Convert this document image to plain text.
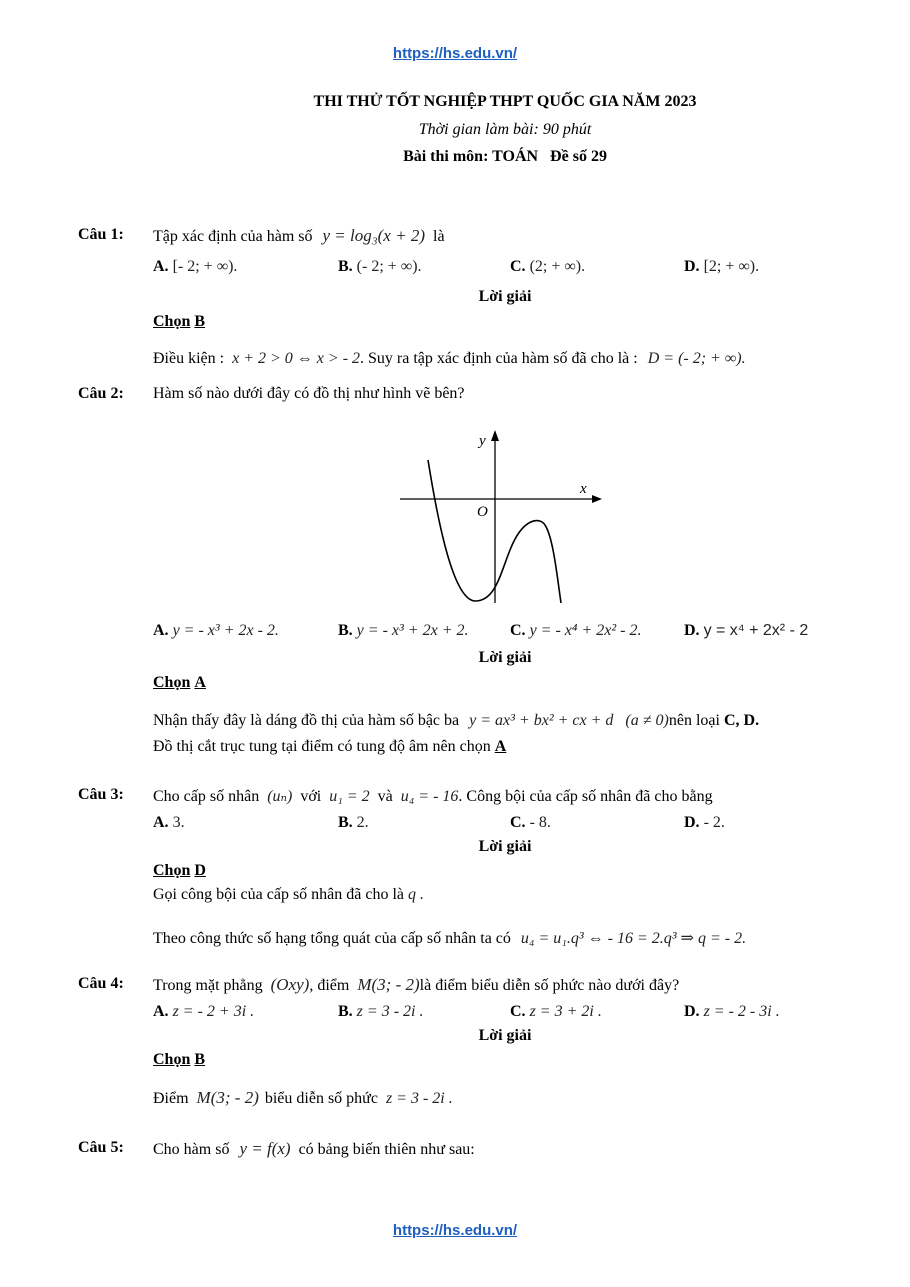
https://hs.edu.vn/
https://hs.edu.vn/
THI THỬ TỐT NGHIỆP THPT QUỐC GIA NĂM 2023
Thời gian làm bài: 90 phút
Bài thi môn: TOÁN   Đề số 29
Câu 1: Tập xác định của hàm số y = log₃(x + 2) là
A. [- 2; + ∞).	B. (- 2; + ∞).	C. (2; + ∞).	D. [2; + ∞).
Lời giải
Chọn B
Điều kiện : x + 2 > 0 ⇔ x > - 2. Suy ra tập xác định của hàm số đã cho là : D = (- 2; + ∞).
Câu 2: Hàm số nào dưới đây có đồ thị như hình vẽ bên?
y
x
O
A. y = - x³ + 2x - 2.	B. y = - x³ + 2x + 2.	C. y = - x⁴ + 2x² - 2.	D. y = x⁴ + 2x² - 2
Lời giải
Chọn A
Nhận thấy đây là dáng đồ thị của hàm số bậc ba y = ax³ + bx² + cx + d   (a ≠ 0)nên loại C, D.
Đồ thị cắt trục tung tại điểm có tung độ âm nên chọn A
Câu 3: Cho cấp số nhân (uₙ) với u₁ = 2 và u₄ = - 16. Công bội của cấp số nhân đã cho bằng
A. 3.	B. 2.	C. - 8.	D. - 2.
Lời giải
Chọn D
Gọi công bội của cấp số nhân đã cho là q .
Theo công thức số hạng tổng quát của cấp số nhân ta có u₄ = u₁.q³ ⇔ - 16 = 2.q³ ⇒ q = - 2.
Câu 4: Trong mặt phẳng (Oxy), điểm M(3; - 2)là điểm biểu diễn số phức nào dưới đây?
A. z = - 2 + 3i .	B. z = 3 - 2i .	C. z = 3 + 2i .	D. z = - 2 - 3i .
Lời giải
Chọn B
Điểm M(3; - 2) biểu diễn số phức z = 3 - 2i .
Câu 5: Cho hàm số y = f(x) có bảng biến thiên như sau:
